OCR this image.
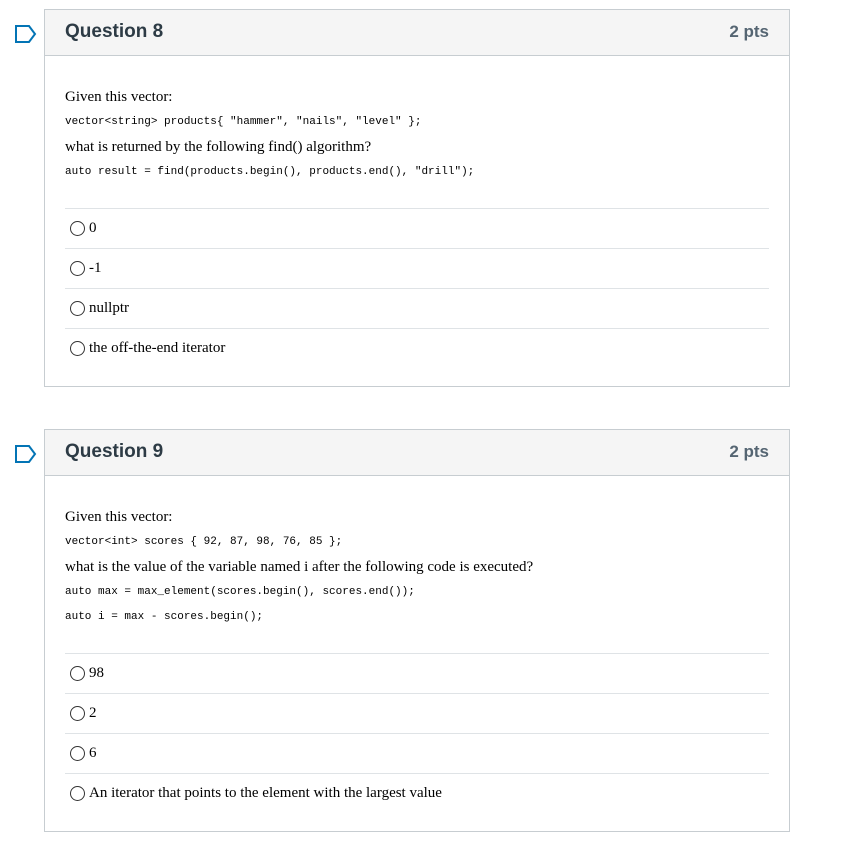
Question 8	2 pts

Given this vector:

vector<string> products{ "hammer", "nails", "level" };

what is returned by the following find() algorithm?

auto result = find(products.begin(), products.end(), "drill");

0
-1
nullptr
the off-the-end iterator
Question 9	2 pts

Given this vector:

vector<int> scores { 92, 87, 98, 76, 85 };

what is the value of the variable named i after the following code is executed?

auto max = max_element(scores.begin(), scores.end());

auto i = max - scores.begin();

98
2
6
An iterator that points to the element with the largest value
